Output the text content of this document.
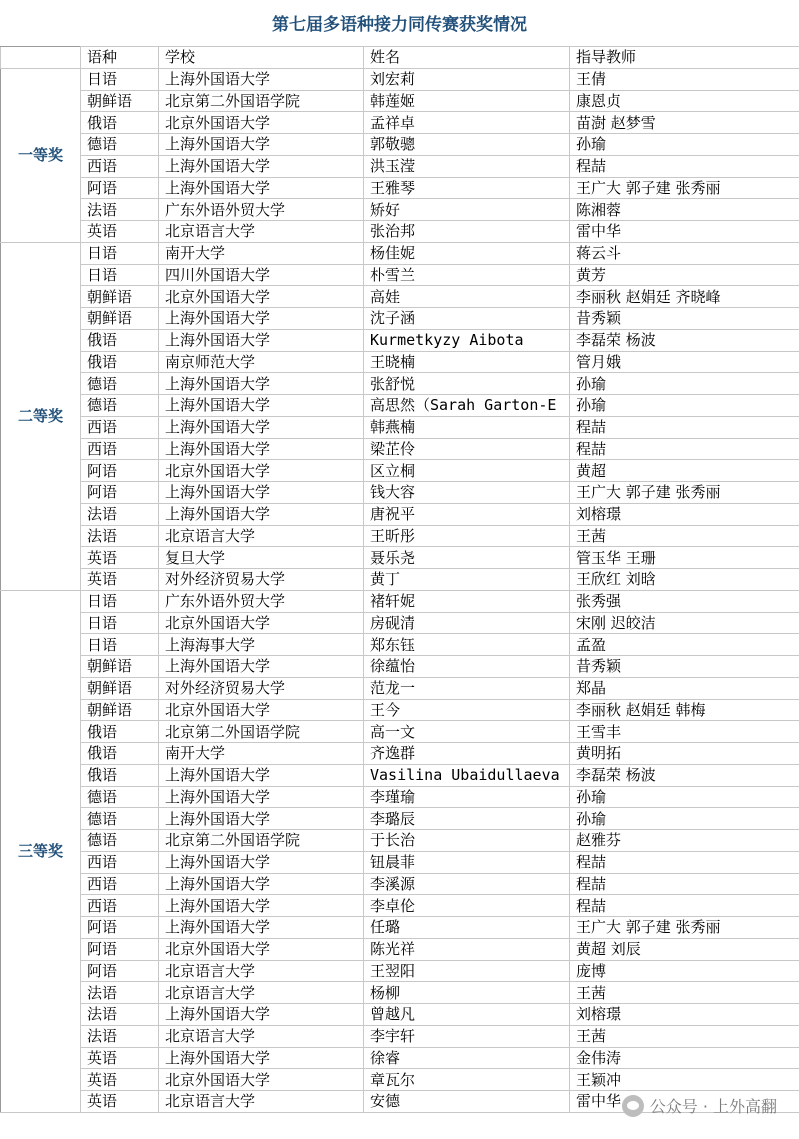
第七届多语种接力同传赛获奖情况
	语种	学校	姓名	指导教师
一等奖	日语	上海外国语大学	刘宏莉	王倩
	朝鲜语	北京第二外国语学院	韩莲姬	康恩贞
	俄语	北京外国语大学	孟祥卓	苗澍 赵梦雪
	德语	上海外国语大学	郭敬骢	孙瑜
	西语	上海外国语大学	洪玉滢	程喆
	阿语	上海外国语大学	王雅琴	王广大 郭子建 张秀丽
	法语	广东外语外贸大学	矫好	陈湘蓉
	英语	北京语言大学	张治邦	雷中华
二等奖	日语	南开大学	杨佳妮	蒋云斗
	日语	四川外国语大学	朴雪兰	黄芳
	朝鲜语	北京外国语大学	高娃	李丽秋 赵娟廷 齐晓峰
	朝鲜语	上海外国语大学	沈子涵	昔秀颖
	俄语	上海外国语大学	Kurmetkyzy Aibota	李磊荣 杨波
	俄语	南京师范大学	王晓楠	管月娥
	德语	上海外国语大学	张舒悦	孙瑜
	德语	上海外国语大学	高思然（Sarah Garton-E	孙瑜
	西语	上海外国语大学	韩燕楠	程喆
	西语	上海外国语大学	梁芷伶	程喆
	阿语	北京外国语大学	区立桐	黄超
	阿语	上海外国语大学	钱大容	王广大 郭子建 张秀丽
	法语	上海外国语大学	唐祝平	刘榕璟
	法语	北京语言大学	王昕彤	王茜
	英语	复旦大学	聂乐尧	管玉华 王珊
	英语	对外经济贸易大学	黄丁	王欣红 刘晗
三等奖	日语	广东外语外贸大学	褚轩妮	张秀强
	日语	北京外国语大学	房砚清	宋刚 迟皎洁
	日语	上海海事大学	郑东钰	孟盈
	朝鲜语	上海外国语大学	徐蕴怡	昔秀颖
	朝鲜语	对外经济贸易大学	范龙一	郑晶
	朝鲜语	北京外国语大学	王今	李丽秋 赵娟廷 韩梅
	俄语	北京第二外国语学院	高一文	王雪丰
	俄语	南开大学	齐逸群	黄明拓
	俄语	上海外国语大学	Vasilina Ubaidullaeva	李磊荣 杨波
	德语	上海外国语大学	李瑾瑜	孙瑜
	德语	上海外国语大学	李璐辰	孙瑜
	德语	北京第二外国语学院	于长治	赵雅芬
	西语	上海外国语大学	钮晨菲	程喆
	西语	上海外国语大学	李溪源	程喆
	西语	上海外国语大学	李卓伦	程喆
	阿语	上海外国语大学	任璐	王广大 郭子建 张秀丽
	阿语	北京外国语大学	陈光祥	黄超 刘辰
	阿语	北京语言大学	王翌阳	庞博
	法语	北京语言大学	杨柳	王茜
	法语	上海外国语大学	曾越凡	刘榕璟
	法语	北京语言大学	李宇轩	王茜
	英语	上海外国语大学	徐睿	金伟涛
	英语	北京外国语大学	章瓦尔	王颖冲
	英语	北京语言大学	安德	雷中华 公众号 · 上外高翻
